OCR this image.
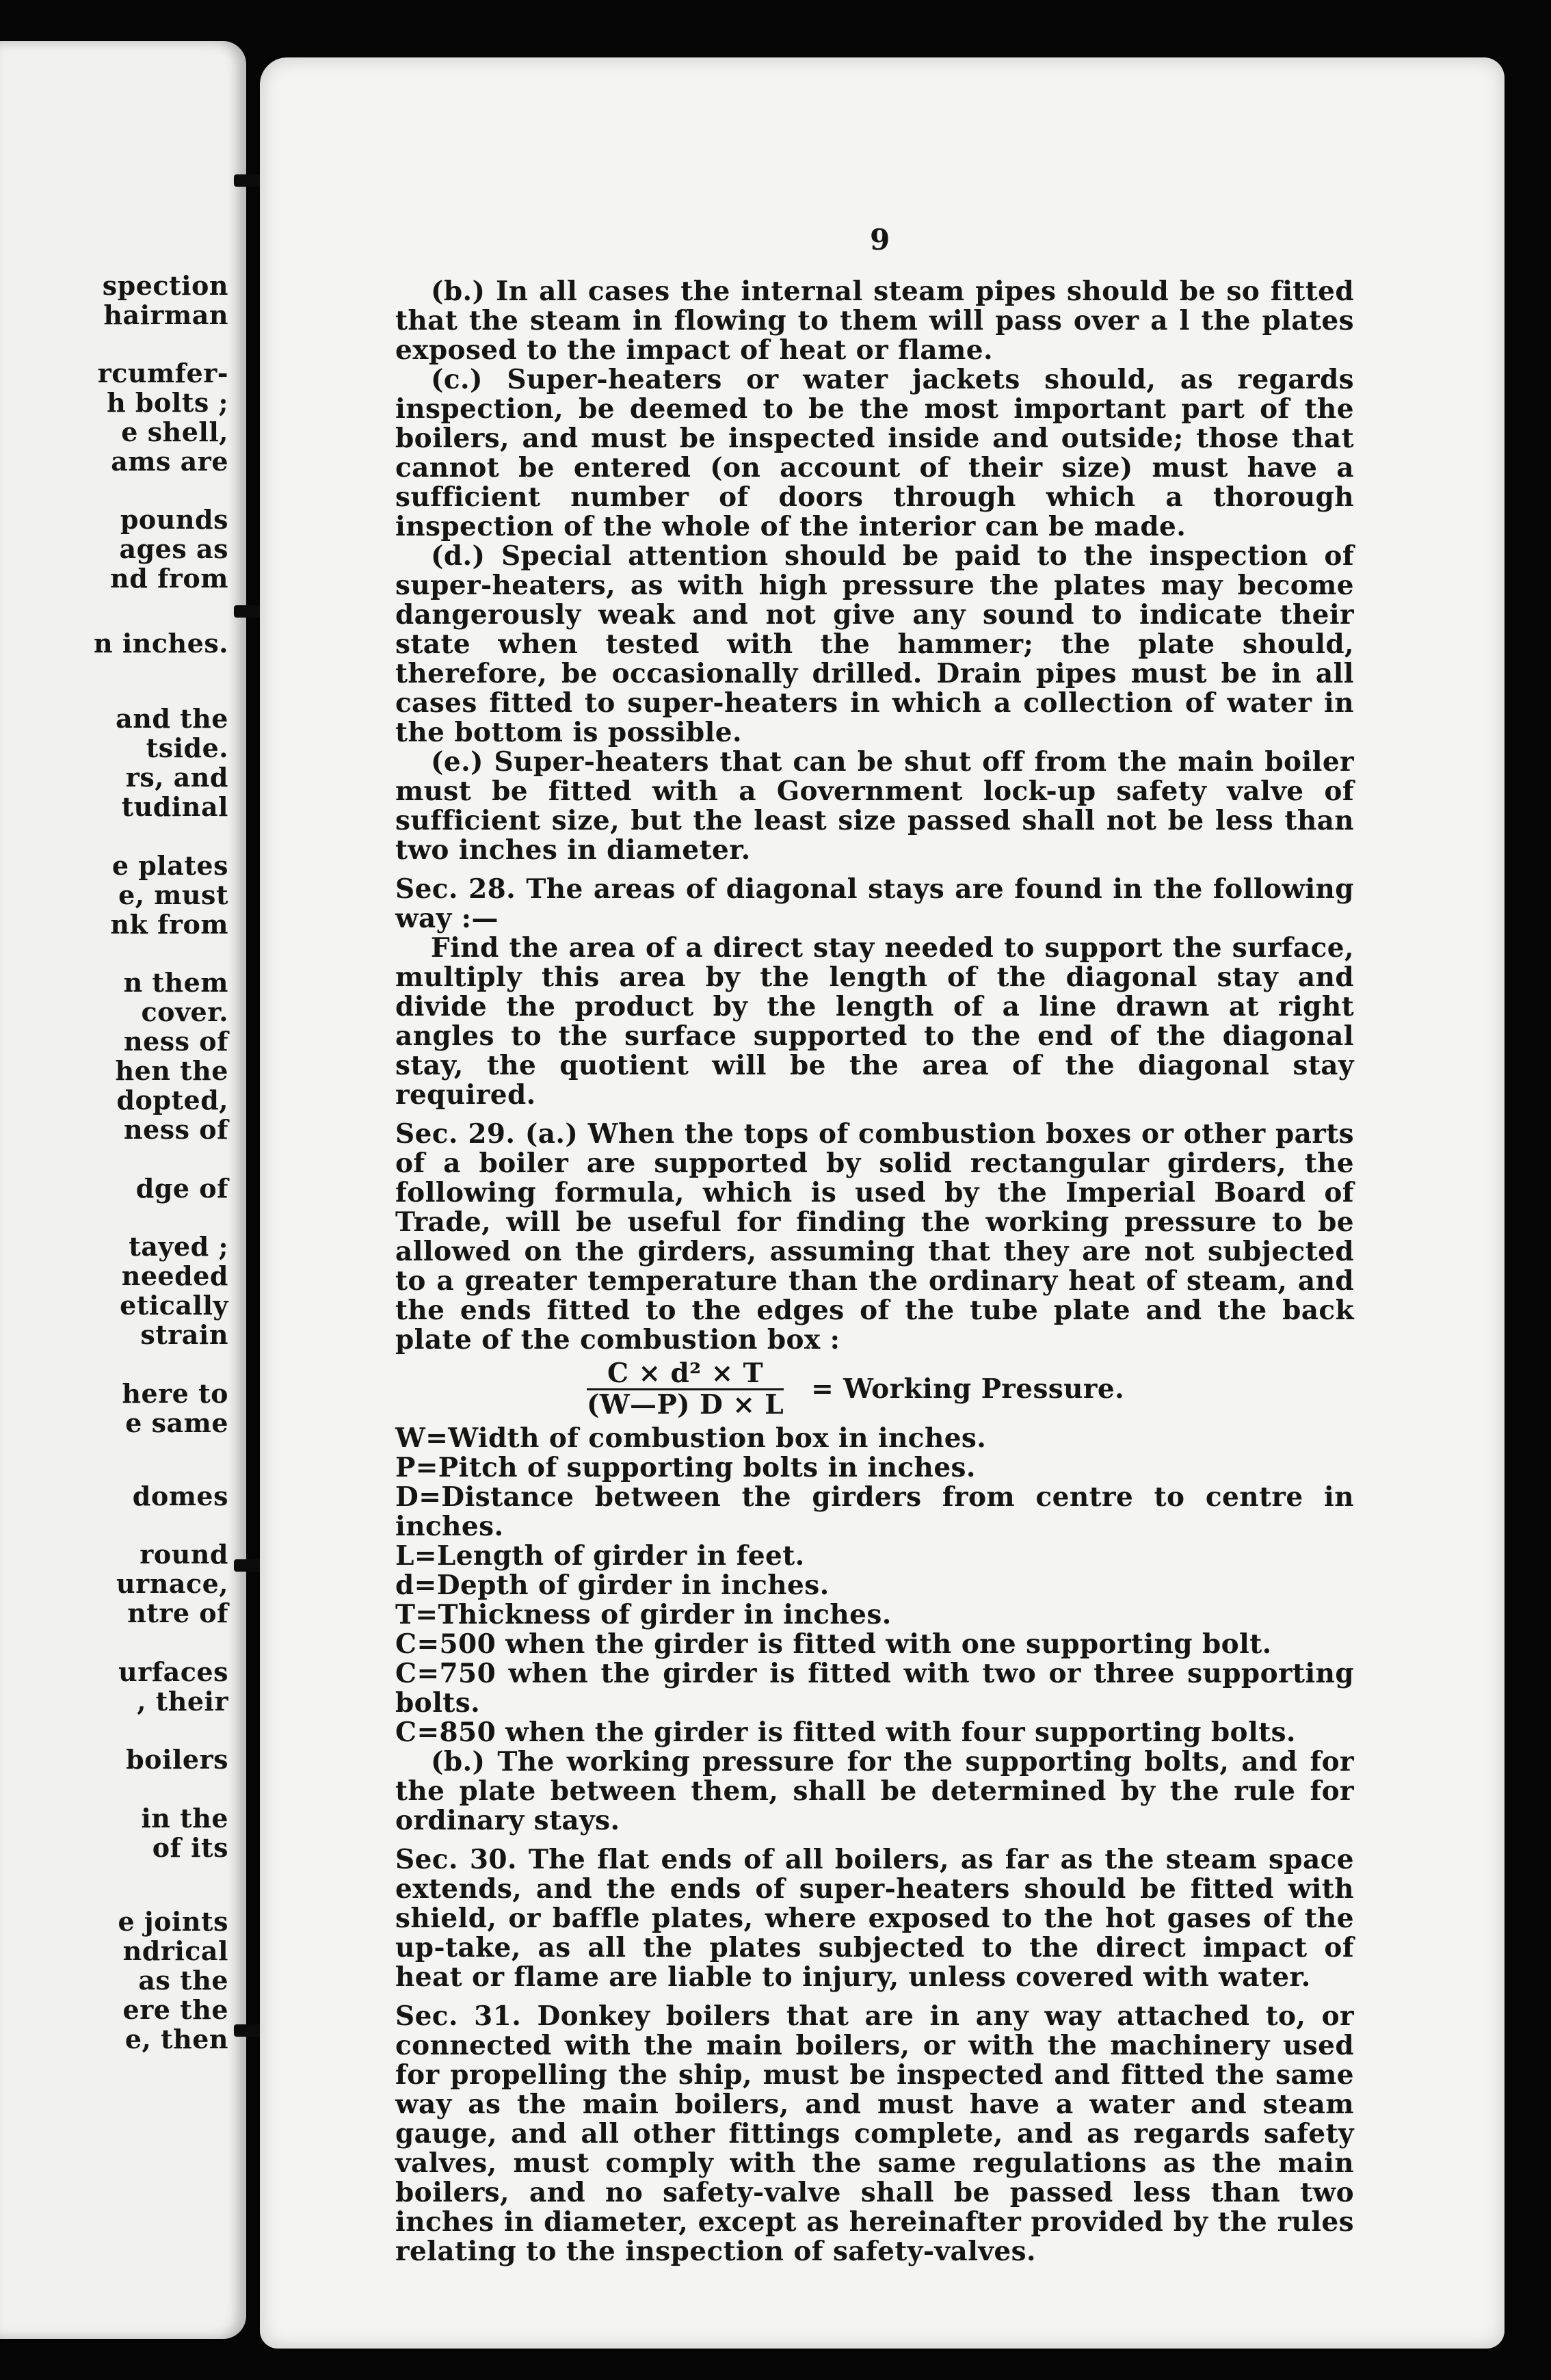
spection
hairman
rcumfer-
h bolts ;
e shell,
ams are
pounds
ages as
nd from
n inches.
and the
tside.
rs, and
tudinal
e plates
e, must
nk from
n them
cover.
ness of
hen the
dopted,
ness of
dge of
tayed ;
needed
etically
strain
here to
e same
domes
round
urnace,
ntre of
urfaces
, their
boilers
in the
of its
e joints
ndrical
as the
ere the
e, then
9

(b.) In all cases the internal steam pipes should be so fitted that the steam in flowing to them will pass over a l the plates exposed to the impact of heat or flame.

(c.) Super-heaters or water jackets should, as regards inspection, be deemed to be the most important part of the boilers, and must be inspected inside and outside; those that cannot be entered (on account of their size) must have a sufficient number of doors through which a thorough inspection of the whole of the interior can be made.

(d.) Special attention should be paid to the inspection of super-heaters, as with high pressure the plates may become dangerously weak and not give any sound to indicate their state when tested with the hammer; the plate should, therefore, be occasionally drilled. Drain pipes must be in all cases fitted to super-heaters in which a collection of water in the bottom is possible.

(e.) Super-heaters that can be shut off from the main boiler must be fitted with a Government lock-up safety valve of sufficient size, but the least size passed shall not be less than two inches in diameter.

Sec. 28. The areas of diagonal stays are found in the following way :—

Find the area of a direct stay needed to support the surface, multiply this area by the length of the diagonal stay and divide the product by the length of a line drawn at right angles to the surface supported to the end of the diagonal stay, the quotient will be the area of the diagonal stay required.

Sec. 29. (a.) When the tops of combustion boxes or other parts of a boiler are supported by solid rectangular girders, the following formula, which is used by the Imperial Board of Trade, will be useful for finding the working pressure to be allowed on the girders, assuming that they are not subjected to a greater temperature than the ordinary heat of steam, and the ends fitted to the edges of the tube plate and the back plate of the combustion box :

$\frac{\text{C × d² × T}}{(W—P) D \times L}$ = Working Pressure.

W=Width of combustion box in inches.

P=Pitch of supporting bolts in inches.

D=Distance between the girders from centre to centre in inches.

L=Length of girder in feet.

d=Depth of girder in inches.

T=Thickness of girder in inches.

C=500 when the girder is fitted with one supporting bolt.

C=750 when the girder is fitted with two or three supporting bolts.

C=850 when the girder is fitted with four supporting bolts.

(b.) The working pressure for the supporting bolts, and for the plate between them, shall be determined by the rule for ordinary stays.

Sec. 30. The flat ends of all boilers, as far as the steam space extends, and the ends of super-heaters should be fitted with shield, or baffle plates, where exposed to the hot gases of the up-take, as all the plates subjected to the direct impact of heat or flame are liable to injury, unless covered with water.

Sec. 31. Donkey boilers that are in any way attached to, or connected with the main boilers, or with the machinery used for propelling the ship, must be inspected and fitted the same way as the main boilers, and must have a water and steam gauge, and all other fittings complete, and as regards safety valves, must comply with the same regulations as the main boilers, and no safety-valve shall be passed less than two inches in diameter, except as hereinafter provided by the rules relating to the inspection of safety-valves.
